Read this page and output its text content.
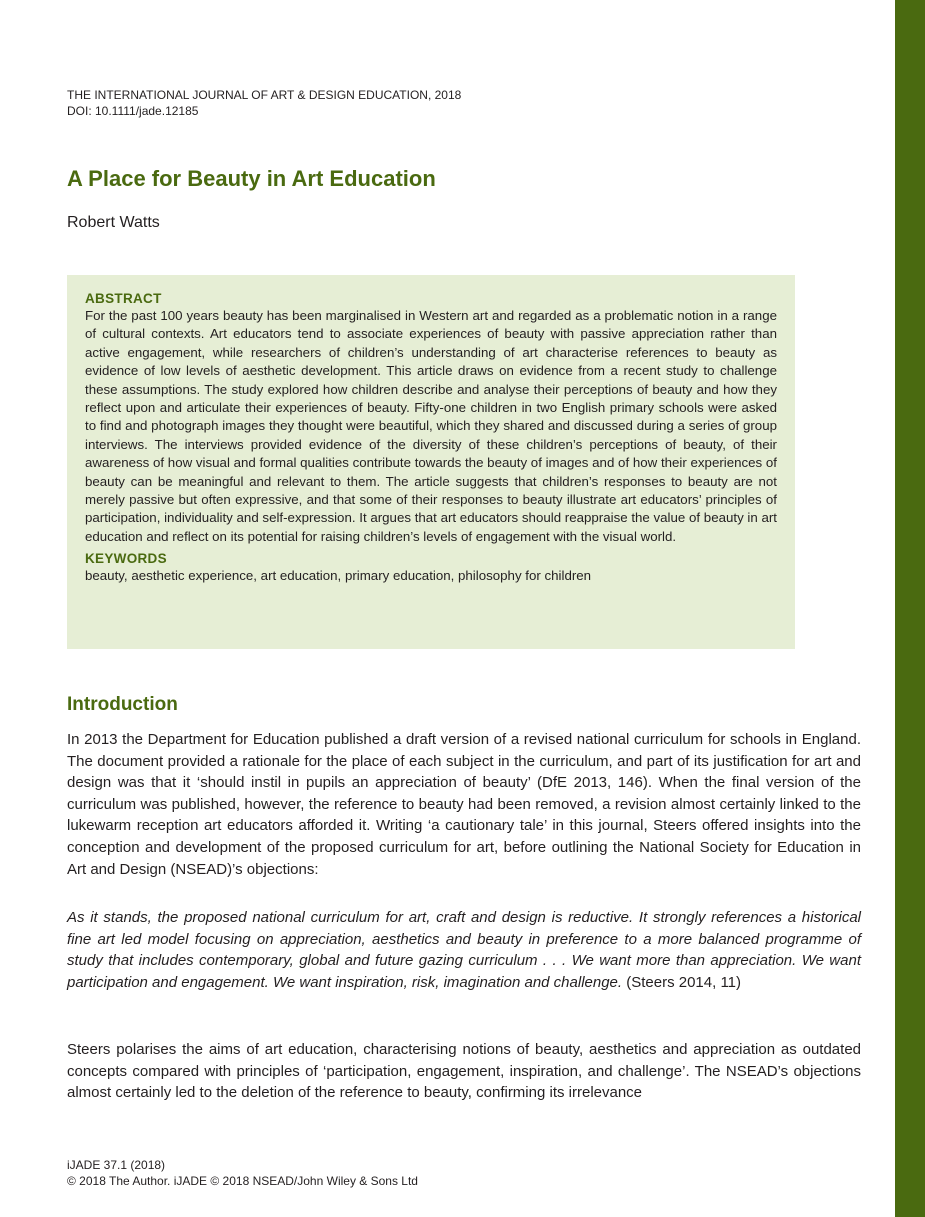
THE INTERNATIONAL JOURNAL OF ART & DESIGN EDUCATION, 2018
DOI: 10.1111/jade.12185
A Place for Beauty in Art Education
Robert Watts
ABSTRACT

For the past 100 years beauty has been marginalised in Western art and regarded as a problematic notion in a range of cultural contexts. Art educators tend to associate experiences of beauty with passive appreciation rather than active engagement, while researchers of children’s understanding of art characterise references to beauty as evidence of low levels of aesthetic development. This article draws on evidence from a recent study to challenge these assumptions. The study explored how children describe and analyse their perceptions of beauty and how they reflect upon and articulate their experiences of beauty. Fifty-one children in two English primary schools were asked to find and photograph images they thought were beautiful, which they shared and discussed during a series of group interviews. The interviews provided evidence of the diversity of these children’s perceptions of beauty, of their awareness of how visual and formal qualities contribute towards the beauty of images and of how their experiences of beauty can be meaningful and relevant to them. The article suggests that children’s responses to beauty are not merely passive but often expressive, and that some of their responses to beauty illustrate art educators’ principles of participation, individuality and self-expression. It argues that art educators should reappraise the value of beauty in art education and reflect on its potential for raising children’s levels of engagement with the visual world.

KEYWORDS
beauty, aesthetic experience, art education, primary education, philosophy for children
Introduction

In 2013 the Department for Education published a draft version of a revised national curriculum for schools in England. The document provided a rationale for the place of each subject in the curriculum, and part of its justification for art and design was that it ‘should instil in pupils an appreciation of beauty’ (DfE 2013, 146). When the final version of the curriculum was published, however, the reference to beauty had been removed, a revision almost certainly linked to the lukewarm reception art educators afforded it. Writing ‘a cautionary tale’ in this journal, Steers offered insights into the conception and development of the proposed curriculum for art, before outlining the National Society for Education in Art and Design (NSEAD)’s objections:

As it stands, the proposed national curriculum for art, craft and design is reductive. It strongly references a historical fine art led model focusing on appreciation, aesthetics and beauty in preference to a more balanced programme of study that includes contemporary, global and future gazing curriculum . . . We want more than appreciation. We want participation and engagement. We want inspiration, risk, imagination and challenge. (Steers 2014, 11)

Steers polarises the aims of art education, characterising notions of beauty, aesthetics and appreciation as outdated concepts compared with principles of ‘participation, engagement, inspiration, and challenge’. The NSEAD’s objections almost certainly led to the deletion of the reference to beauty, confirming its irrelevance

iJADE 37.1 (2018)
© 2018 The Author. iJADE © 2018 NSEAD/John Wiley & Sons Ltd
